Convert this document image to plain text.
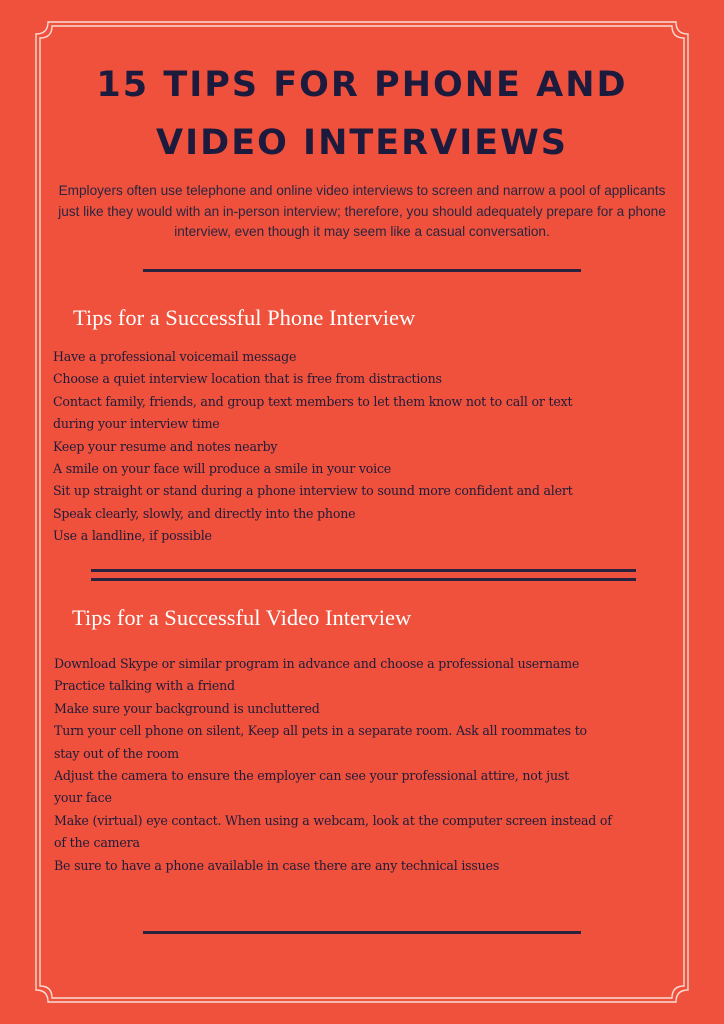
15 TIPS FOR PHONE AND
VIDEO INTERVIEWS
Employers often use telephone and online video interviews to screen and narrow a pool of applicants just like they would with an in-person interview; therefore, you should adequately prepare for a phone interview, even though it may seem like a casual conversation.
Tips for a Successful Phone Interview
Have a professional voicemail message
Choose a quiet interview location that is free from distractions
Contact family, friends, and group text members to let them know not to call or text
during your interview time
Keep your resume and notes nearby
A smile on your face will produce a smile in your voice
Sit up straight or stand during a phone interview to sound more confident and alert
Speak clearly, slowly, and directly into the phone
Use a landline, if possible
Tips for a Successful Video Interview
Download Skype or similar program in advance and choose a professional username
Practice talking with a friend
Make sure your background is uncluttered
Turn your cell phone on silent, Keep all pets in a separate room. Ask all roommates to
stay out of the room
Adjust the camera to ensure the employer can see your professional attire, not just
your face
Make (virtual) eye contact. When using a webcam, look at the computer screen instead of
of the camera
Be sure to have a phone available in case there are any technical issues
